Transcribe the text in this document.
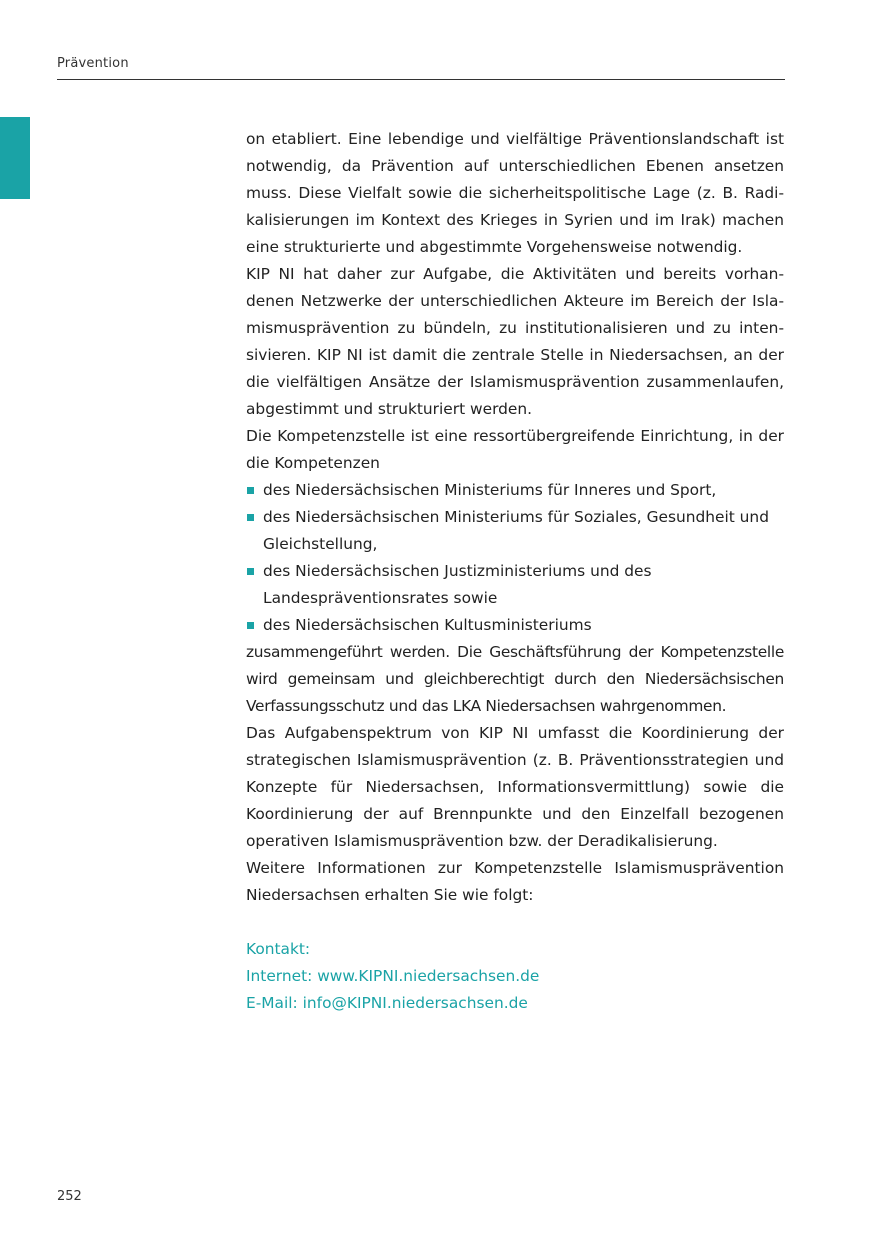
Prävention

on etabliert. Eine lebendige und vielfältige Präventionslandschaft ist notwendig, da Prävention auf unterschiedlichen Ebenen ansetzen muss. Diese Vielfalt sowie die sicherheitspolitische Lage (z. B. Radikalisierungen im Kontext des Krieges in Syrien und im Irak) machen eine strukturierte und abgestimmte Vorgehensweise notwendig.

KIP NI hat daher zur Aufgabe, die Aktivitäten und bereits vorhandenen Netzwerke der unterschiedlichen Akteure im Bereich der Islamismusprävention zu bündeln, zu institutionalisieren und zu intensivieren. KIP NI ist damit die zentrale Stelle in Niedersachsen, an der die vielfältigen Ansätze der Islamismusprävention zusammenlaufen, abgestimmt und strukturiert werden.

Die Kompetenzstelle ist eine ressortübergreifende Einrichtung, in der die Kompetenzen

des Niedersächsischen Ministeriums für Inneres und Sport,
des Niedersächsischen Ministeriums für Soziales, Gesundheit und Gleichstellung,
des Niedersächsischen Justizministeriums und des Landespräventionsrates sowie
des Niedersächsischen Kultusministeriums

zusammengeführt werden. Die Geschäftsführung der Kompetenzstelle wird gemeinsam und gleichberechtigt durch den Niedersächsischen Verfassungsschutz und das LKA Niedersachsen wahrgenommen.

Das Aufgabenspektrum von KIP NI umfasst die Koordinierung der strategischen Islamismusprävention (z. B. Präventionsstrategien und Konzepte für Niedersachsen, Informationsvermittlung) sowie die Koordinierung der auf Brennpunkte und den Einzelfall bezogenen operativen Islamismusprävention bzw. der Deradikalisierung.

Weitere Informationen zur Kompetenzstelle Islamismusprävention Niedersachsen erhalten Sie wie folgt:

Kontakt:
Internet: www.KIPNI.niedersachsen.de
E-Mail: info@KIPNI.niedersachsen.de
252
